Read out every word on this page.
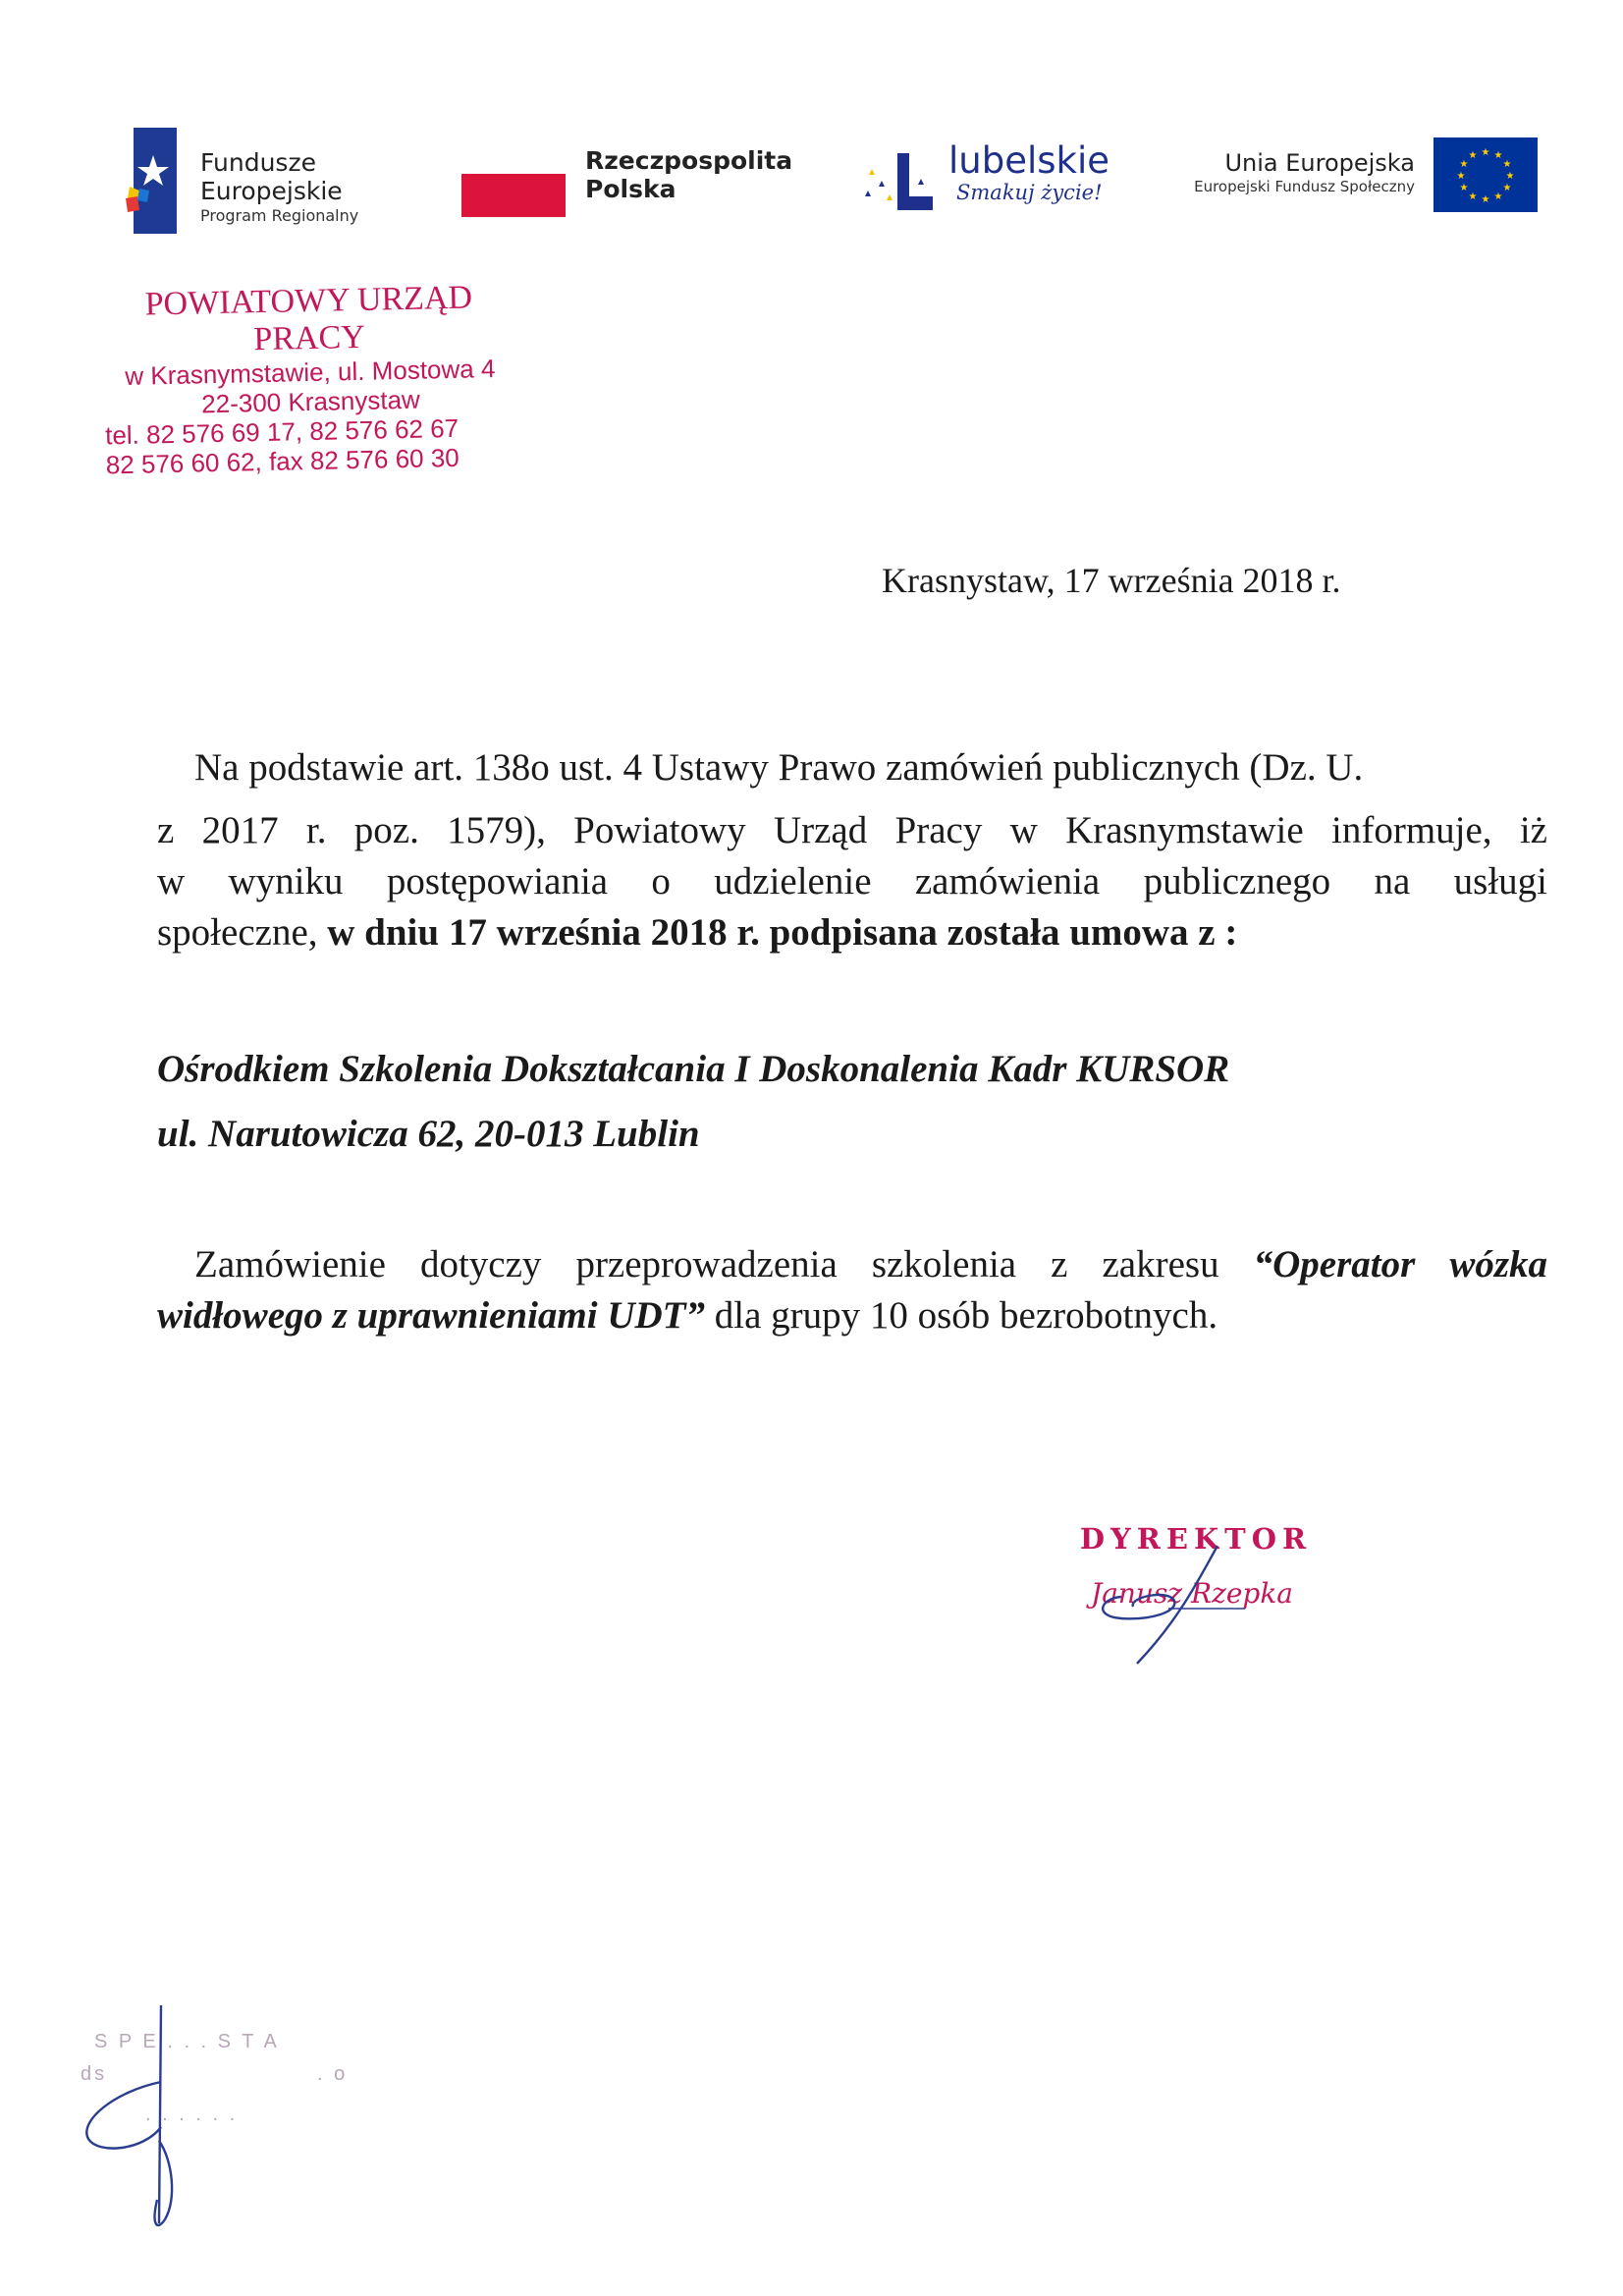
Fundusze
Europejskie
Program Regionalny
Rzeczpospolita
Polska
lubelskie
Smakuj życie!
Unia Europejska
Europejski Fundusz Społeczny
★ ★
★
★
★
★
★
★
★
★
★
★
POWIATOWY URZĄD PRACY
w Krasnymstawie, ul. Mostowa 4
22-300 Krasnystaw
tel. 82 576 69 17, 82 576 62 67
82 576 60 62, fax 82 576 60 30
Krasnystaw, 17 września 2018 r.
Na podstawie art. 138o ust. 4 Ustawy Prawo zamówień publicznych (Dz. U.
z 2017 r. poz. 1579), Powiatowy Urząd Pracy w Krasnymstawie informuje, iż
w wyniku postępowiania o udzielenie zamówienia publicznego na usługi
społeczne, w dniu 17 września 2018 r. podpisana została umowa z :
Ośrodkiem Szkolenia Dokształcania I Doskonalenia Kadr KURSOR
ul. Narutowicza 62, 20-013 Lublin
Zamówienie dotyczy przeprowadzenia szkolenia z zakresu “Operator wózka widłowego z uprawnieniami UDT” dla grupy 10 osób bezrobotnych.
DYREKTOR
Janusz Rzepka
S P E . . . S T A
ds                         . o
. . . . . .
